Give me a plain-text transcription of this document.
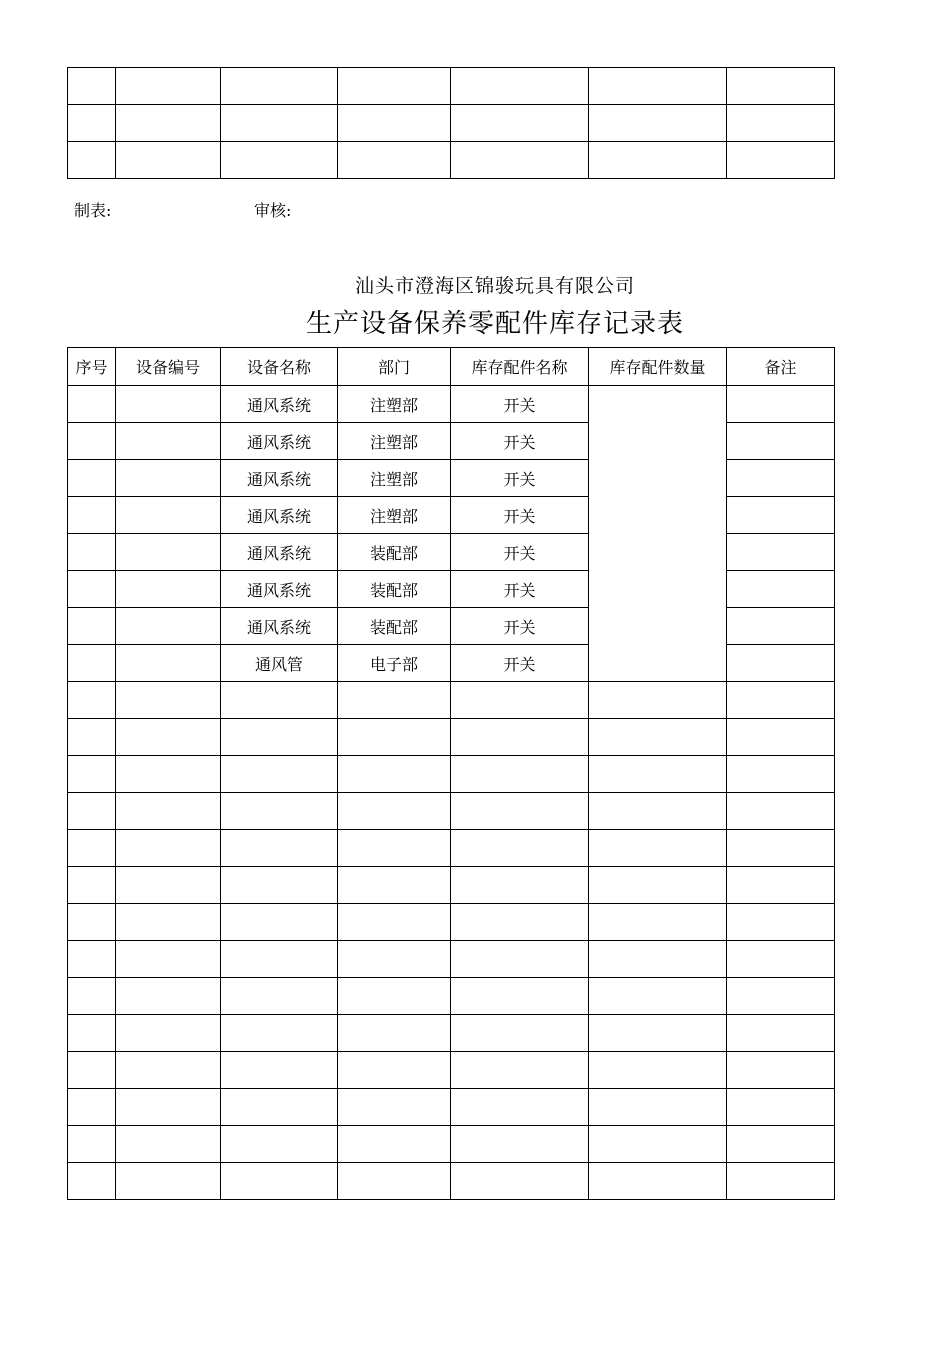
制表:	审核:
汕头市澄海区锦骏玩具有限公司
生产设备保养零配件库存记录表
序号	设备编号	设备名称	部门	库存配件名称	库存配件数量	备注
		通风系统	注塑部	开关		
		通风系统	注塑部	开关		
		通风系统	注塑部	开关		
		通风系统	注塑部	开关		
		通风系统	装配部	开关		
		通风系统	装配部	开关		
		通风系统	装配部	开关		
		通风管	电子部	开关		
